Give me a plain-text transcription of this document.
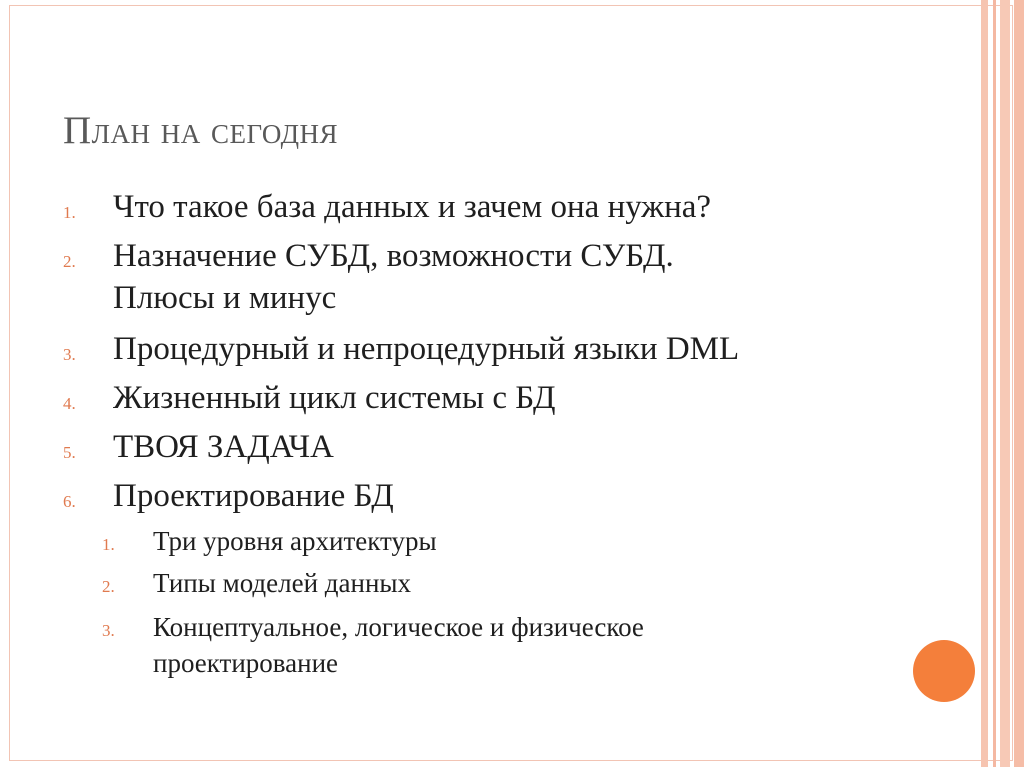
План на сегодня
1. Что такое база данных и зачем она нужна?
2. Назначение СУБД, возможности СУБД.
Плюсы и минус
3. Процедурный и непроцедурный языки DML
4. Жизненный цикл системы с БД
5. ТВОЯ ЗАДАЧА
6. Проектирование БД
1. Три уровня архитектуры
2. Типы моделей данных
3. Концептуальное, логическое и физическое
проектирование
